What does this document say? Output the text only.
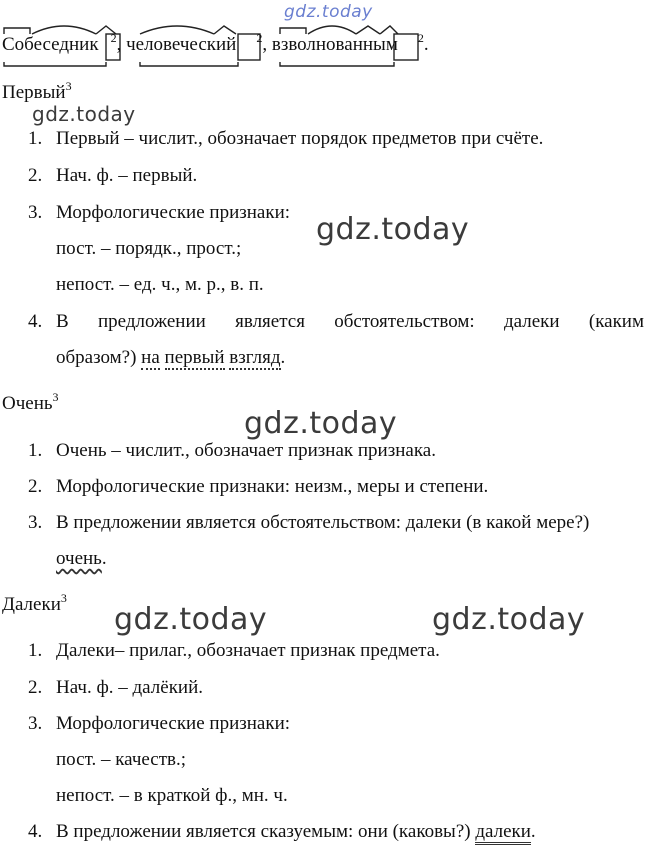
gdz.today
Собеседник $^2$, человеческий $^2$, взволнованным $^2$.
Первый$^3$
gdz.today
1. Первый – числит., обозначает порядок предметов при счёте.
2. Нач. ф. – первый.
3. Морфологические признаки:
пост. – порядк., прост.;
gdz.today
непост. – ед. ч., м. р., в. п.
4. В предложении является обстоятельством: далеки (каким
образом?) на первый взгляд.
Очень$^3$
gdz.today
1. Очень – числит., обозначает признак признака.
2. Морфологические признаки: неизм., меры и степени.
3. В предложении является обстоятельством: далеки (в какой мере?)
очень.
Далеки$^3$
gdz.today	gdz.today
1. Далеки– прилаг., обозначает признак предмета.
2. Нач. ф. – далёкий.
3. Морфологические признаки:
пост. – качеств.;
непост. – в краткой ф., мн. ч.
4. В предложении является сказуемым: они (каковы?) далеки.
